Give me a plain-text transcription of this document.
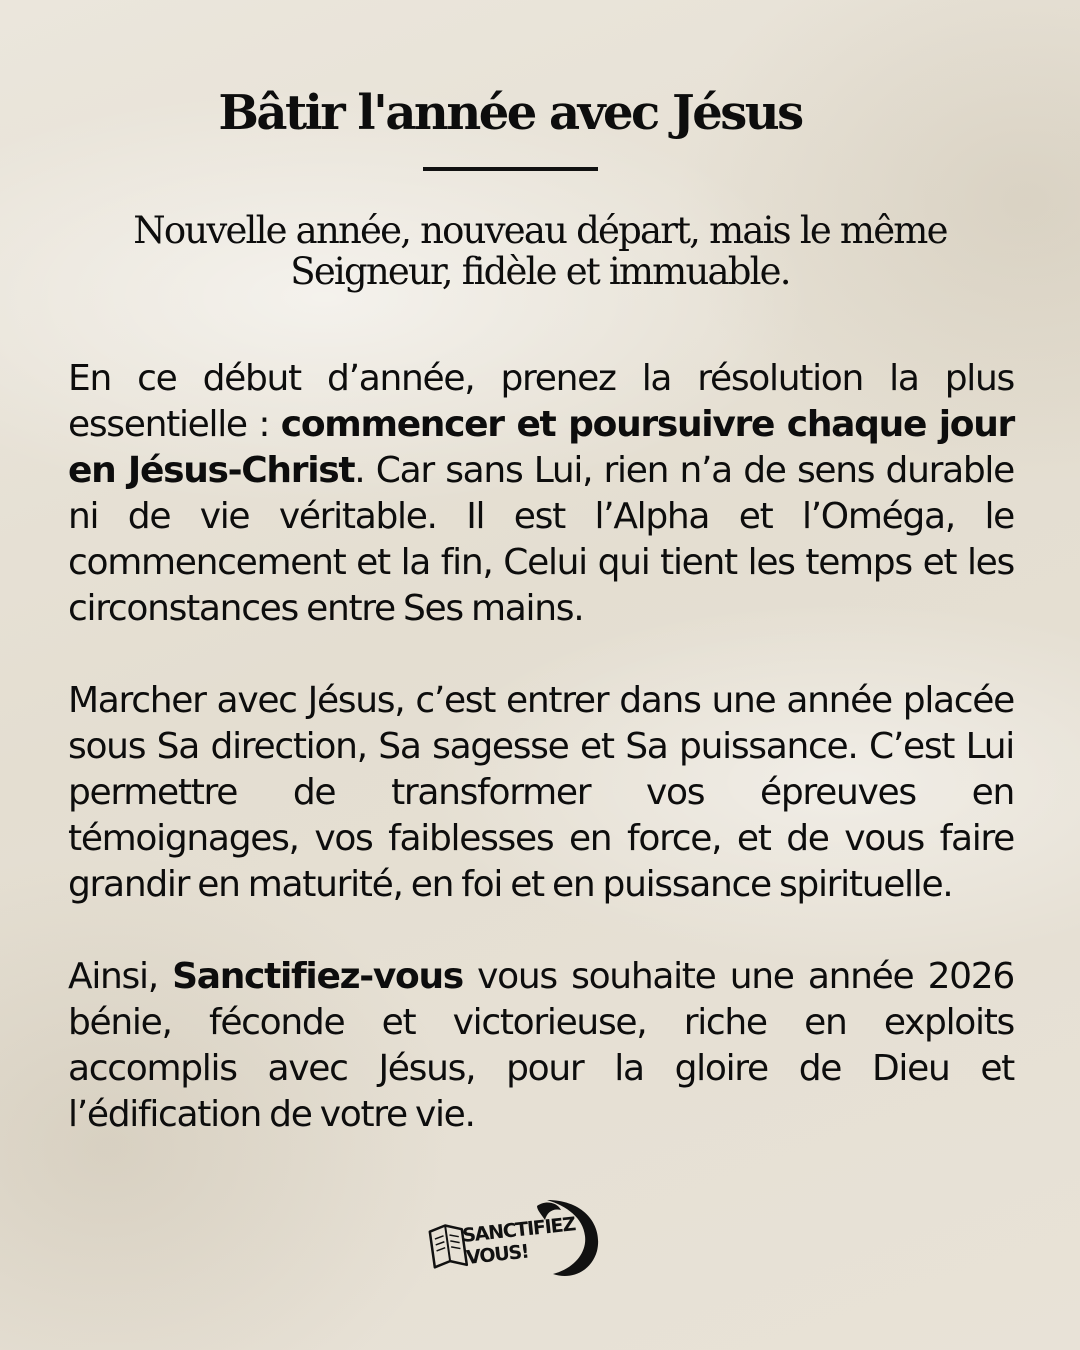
Bâtir l'année avec Jésus

Nouvelle année, nouveau départ, mais le même Seigneur, fidèle et immuable.

En ce début d’année, prenez la résolution la plus essentielle : commencer et poursuivre chaque jour en Jésus-Christ. Car sans Lui, rien n’a de sens durable ni de vie véritable. Il est l’Alpha et l’Oméga, le commencement et la fin, Celui qui tient les temps et les circonstances entre Ses mains.

Marcher avec Jésus, c’est entrer dans une année placée sous Sa direction, Sa sagesse et Sa puissance. C’est Lui permettre de transformer vos épreuves en témoignages, vos faiblesses en force, et de vous faire grandir en maturité, en foi et en puissance spirituelle.

Ainsi, Sanctifiez-vous vous souhaite une année 2026 bénie, féconde et victorieuse, riche en exploits accomplis avec Jésus, pour la gloire de Dieu et l’édification de votre vie.

SANCTIFIEZ
VOUS!
